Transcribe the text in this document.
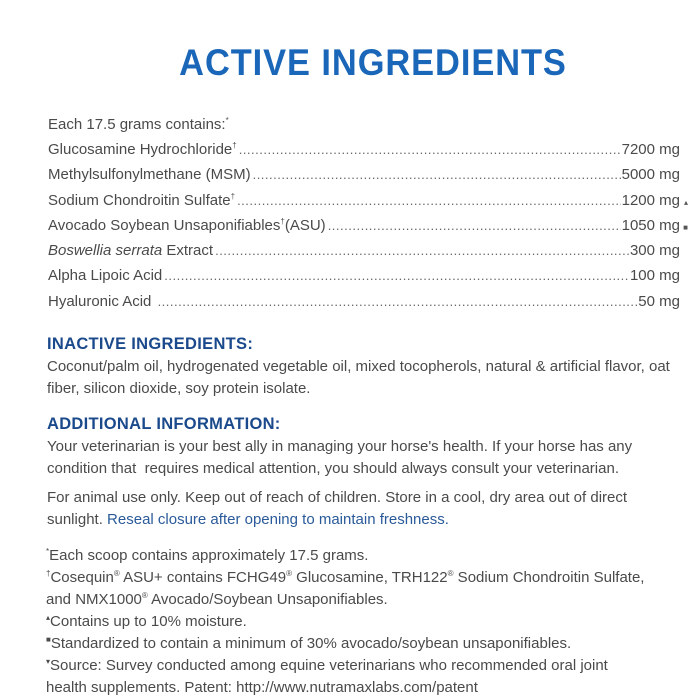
ACTIVE INGREDIENTS
Each 17.5 grams contains:*
Glucosamine Hydrochloride† .....	7200 mg
Methylsulfonylmethane (MSM) .....	5000 mg
Sodium Chondroitin Sulfate† .....	1200 mg ▴
Avocado Soybean Unsaponifiables†(ASU) .....	1050 mg ■
Boswellia serrata Extract .....	300 mg
Alpha Lipoic Acid .....	100 mg
Hyaluronic Acid .....	50 mg
INACTIVE INGREDIENTS:
Coconut/palm oil, hydrogenated vegetable oil, mixed tocopherols, natural & artificial flavor, oat fiber, silicon dioxide, soy protein isolate.
ADDITIONAL INFORMATION:
Your veterinarian is your best ally in managing your horse's health. If your horse has any condition that  requires medical attention, you should always consult your veterinarian.
For animal use only. Keep out of reach of children. Store in a cool, dry area out of direct sunlight. Reseal closure after opening to maintain freshness.
*Each scoop contains approximately 17.5 grams.
†Cosequin® ASU+ contains FCHG49® Glucosamine, TRH122® Sodium Chondroitin Sulfate,
and NMX1000® Avocado/Soybean Unsaponifiables.
▴Contains up to 10% moisture.
■Standardized to contain a minimum of 30% avocado/soybean unsaponifiables.
▾Source: Survey conducted among equine veterinarians who recommended oral joint
health supplements. Patent: http://www.nutramaxlabs.com/patent
